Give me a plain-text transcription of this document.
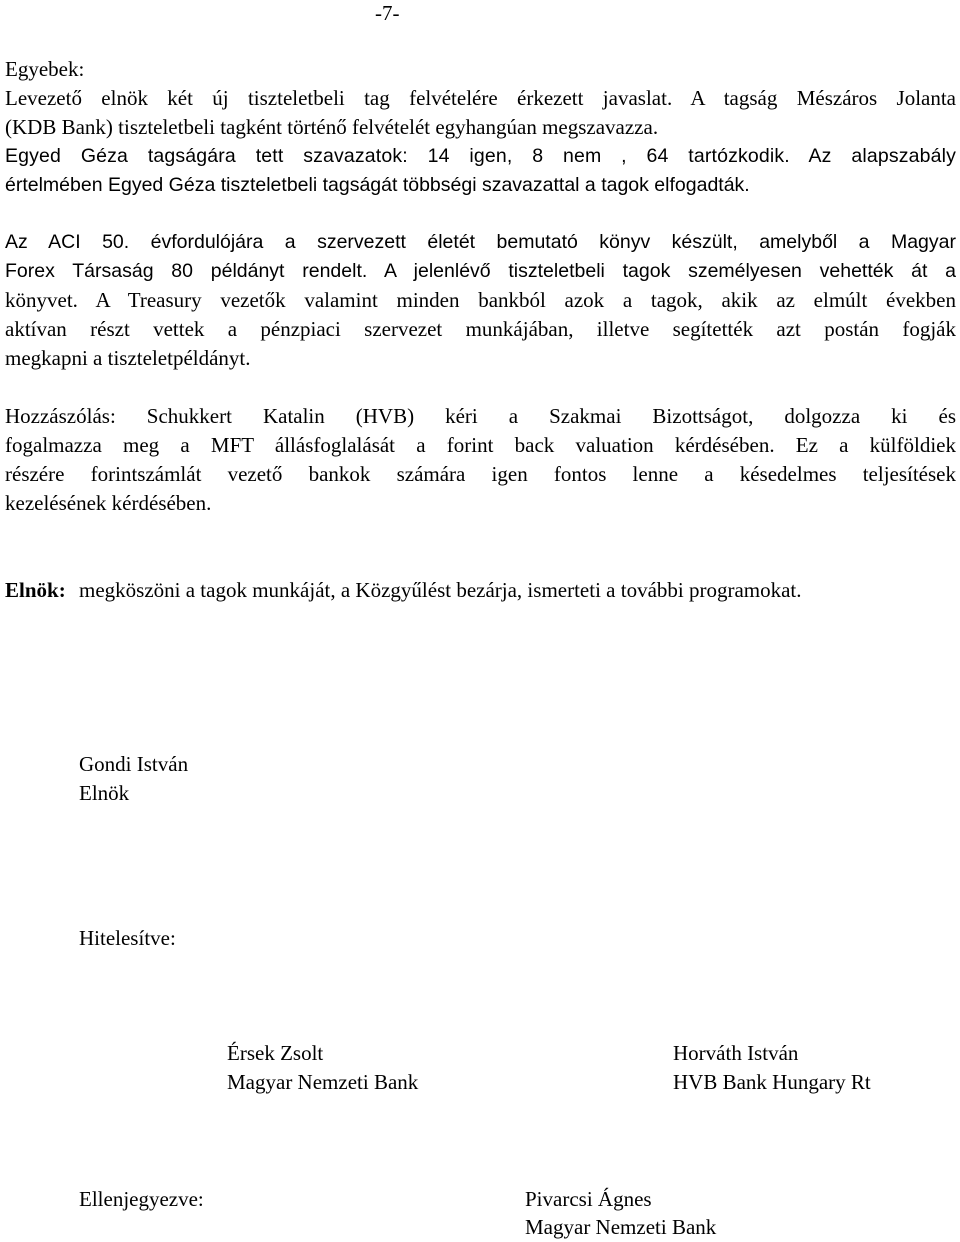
-7-
Egyebek:
Levezető elnök két új tiszteletbeli tag felvételére érkezett javaslat. A tagság Mészáros Jolanta
(KDB Bank) tiszteletbeli tagként történő felvételét egyhangúan megszavazza.
Egyed Géza tagságára tett szavazatok: 14 igen, 8 nem , 64 tartózkodik. Az alapszabály
értelmében Egyed Géza tiszteletbeli tagságát többségi szavazattal a tagok elfogadták.
Az ACI 50. évfordulójára a szervezett életét bemutató könyv készült, amelyből a Magyar
Forex Társaság 80 példányt rendelt. A jelenlévő tiszteletbeli tagok személyesen vehették át a
könyvet. A Treasury vezetők valamint minden bankból azok a tagok, akik az elmúlt években
aktívan részt vettek a pénzpiaci szervezet munkájában, illetve segítették azt postán fogják
megkapni a tiszteletpéldányt.
Hozzászólás: Schukkert Katalin (HVB) kéri a Szakmai Bizottságot, dolgozza ki és
fogalmazza meg a MFT állásfoglalását a forint back valuation kérdésében. Ez a külföldiek
részére forintszámlát vezető bankok számára igen fontos lenne a késedelmes teljesítések
kezelésének kérdésében.
Elnök: megköszöni a tagok munkáját, a Közgyűlést bezárja, ismerteti a további programokat.
Gondi István
Elnök
Hitelesítve:
Érsek Zsolt
Magyar Nemzeti Bank
Horváth István
HVB Bank Hungary Rt
Ellenjegyezve:	Pivarcsi Ágnes
Magyar Nemzeti Bank
